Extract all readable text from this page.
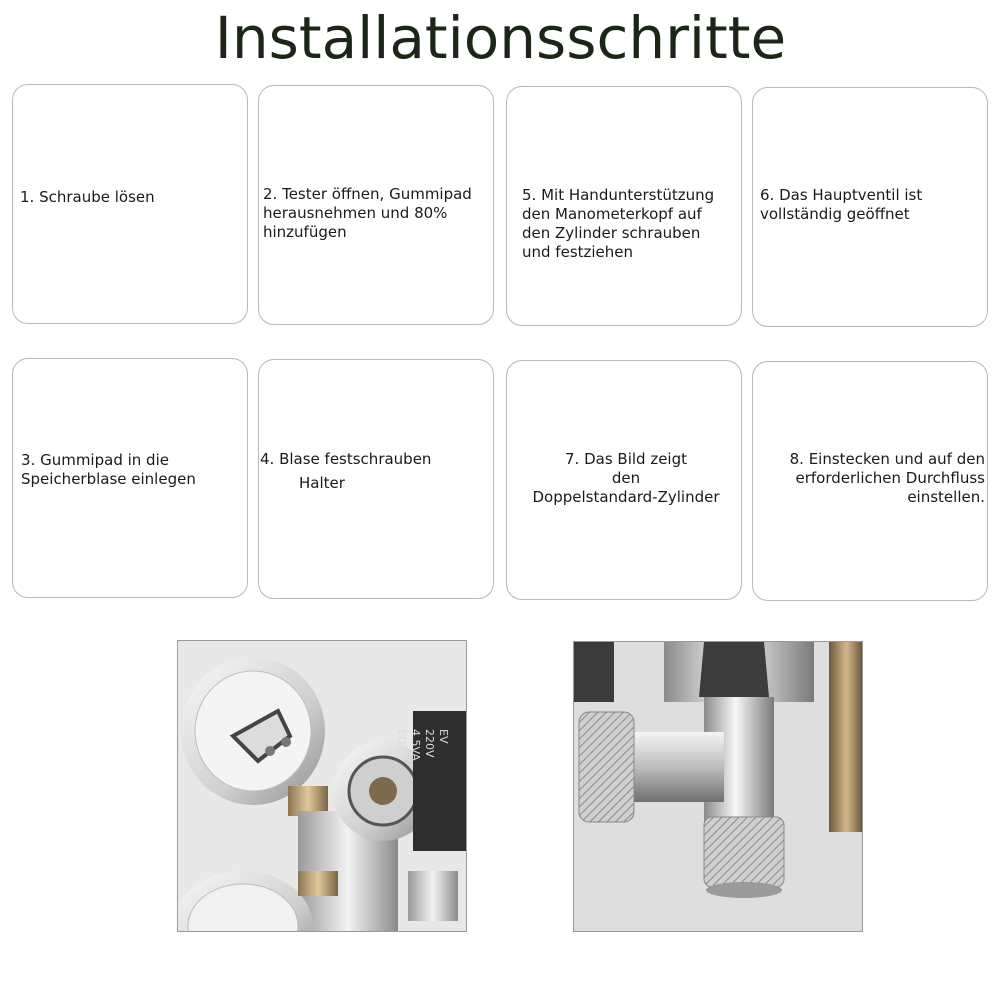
Installationsschritte
1. Schraube lösen	2. Tester öffnen, Gummipad herausnehmen und 80% hinzufügen
5. Mit Handunterstützung den Manometerkopf auf den Zylinder schrauben und festziehen
6. Das Hauptventil ist vollständig geöffnet
3. Gummipad in die Speicherblase einlegen
4. Blase festschrauben
Halter
7. Das Bild zeigt
den
Doppelstandard-Zylinder
8. Einstecken und auf den erforderlichen Durchfluss einstellen.
EV
220V
4.5VA
ED
